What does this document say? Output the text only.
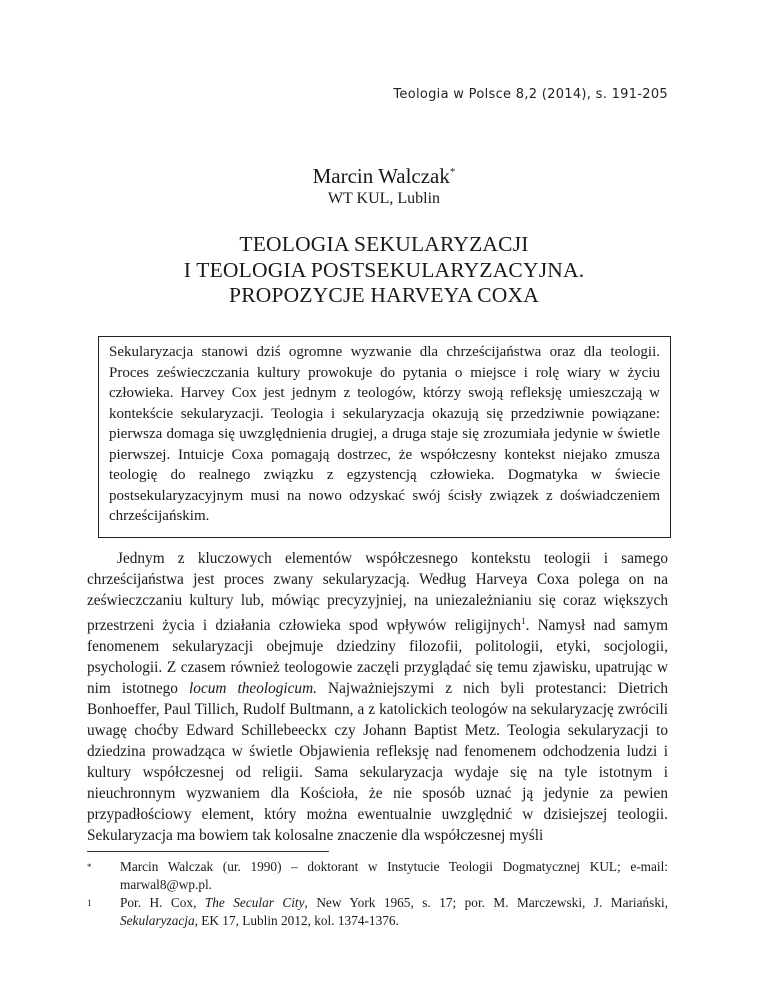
Teologia w Polsce 8,2 (2014), s. 191-205
Marcin Walczak*
WT KUL, Lublin
TEOLOGIA SEKULARYZACJI
I TEOLOGIA POSTSEKULARYZACYJNA.
PROPOZYCJE HARVEYA COXA

Sekularyzacja stanowi dziś ogromne wyzwanie dla chrześcijaństwa oraz dla teologii. Proces ześwieczczania kultury prowokuje do pytania o miejsce i rolę wiary w życiu człowieka. Harvey Cox jest jednym z teologów, którzy swoją refleksję umieszczają w kontekście sekularyzacji. Teologia i sekularyzacja okazują się przedziwnie powiązane: pierwsza domaga się uwzględnienia drugiej, a druga staje się zrozumiała jedynie w świetle pierwszej. Intuicje Coxa pomagają dostrzec, że współczesny kontekst niejako zmusza teologię do realnego związku z egzystencją człowieka. Dogmatyka w świecie postsekularyzacyjnym musi na nowo odzyskać swój ścisły związek z doświadczeniem chrześcijańskim.

Jednym z kluczowych elementów współczesnego kontekstu teologii i samego chrześcijaństwa jest proces zwany sekularyzacją. Według Harveya Coxa polega on na ześwieczczaniu kultury lub, mówiąc precyzyjniej, na uniezależnianiu się coraz większych przestrzeni życia i działania człowieka spod wpływów religijnych$^1$. Namysł nad samym fenomenem sekularyzacji obejmuje dziedziny filozofii, politologii, etyki, socjologii, psychologii. Z czasem również teologowie zaczęli przyglądać się temu zjawisku, upatrując w nim istotnego locum theologicum. Najważniejszymi z nich byli protestanci: Dietrich Bonhoeffer, Paul Tillich, Rudolf Bultmann, a z katolickich teologów na sekularyzację zwrócili uwagę choćby Edward Schillebeeckx czy Johann Baptist Metz. Teologia sekularyzacji to dziedzina prowadząca w świetle Objawienia refleksję nad fenomenem odchodzenia ludzi i kultury współczesnej od religii. Sama sekularyzacja wydaje się na tyle istotnym i nieuchronnym wyzwaniem dla Kościoła, że nie sposób uznać ją jedynie za pewien przypadłościowy element, który można ewentualnie uwzględnić w dzisiejszej teologii. Sekularyzacja ma bowiem tak kolosalne znaczenie dla współczesnej myśli

* Marcin Walczak (ur. 1990) – doktorant w Instytucie Teologii Dogmatycznej KUL; e-mail: marwal8@wp.pl.
1 Por. H. Cox, The Secular City, New York 1965, s. 17; por. M. Marczewski, J. Mariański, Sekularyzacja, EK 17, Lublin 2012, kol. 1374-1376.
